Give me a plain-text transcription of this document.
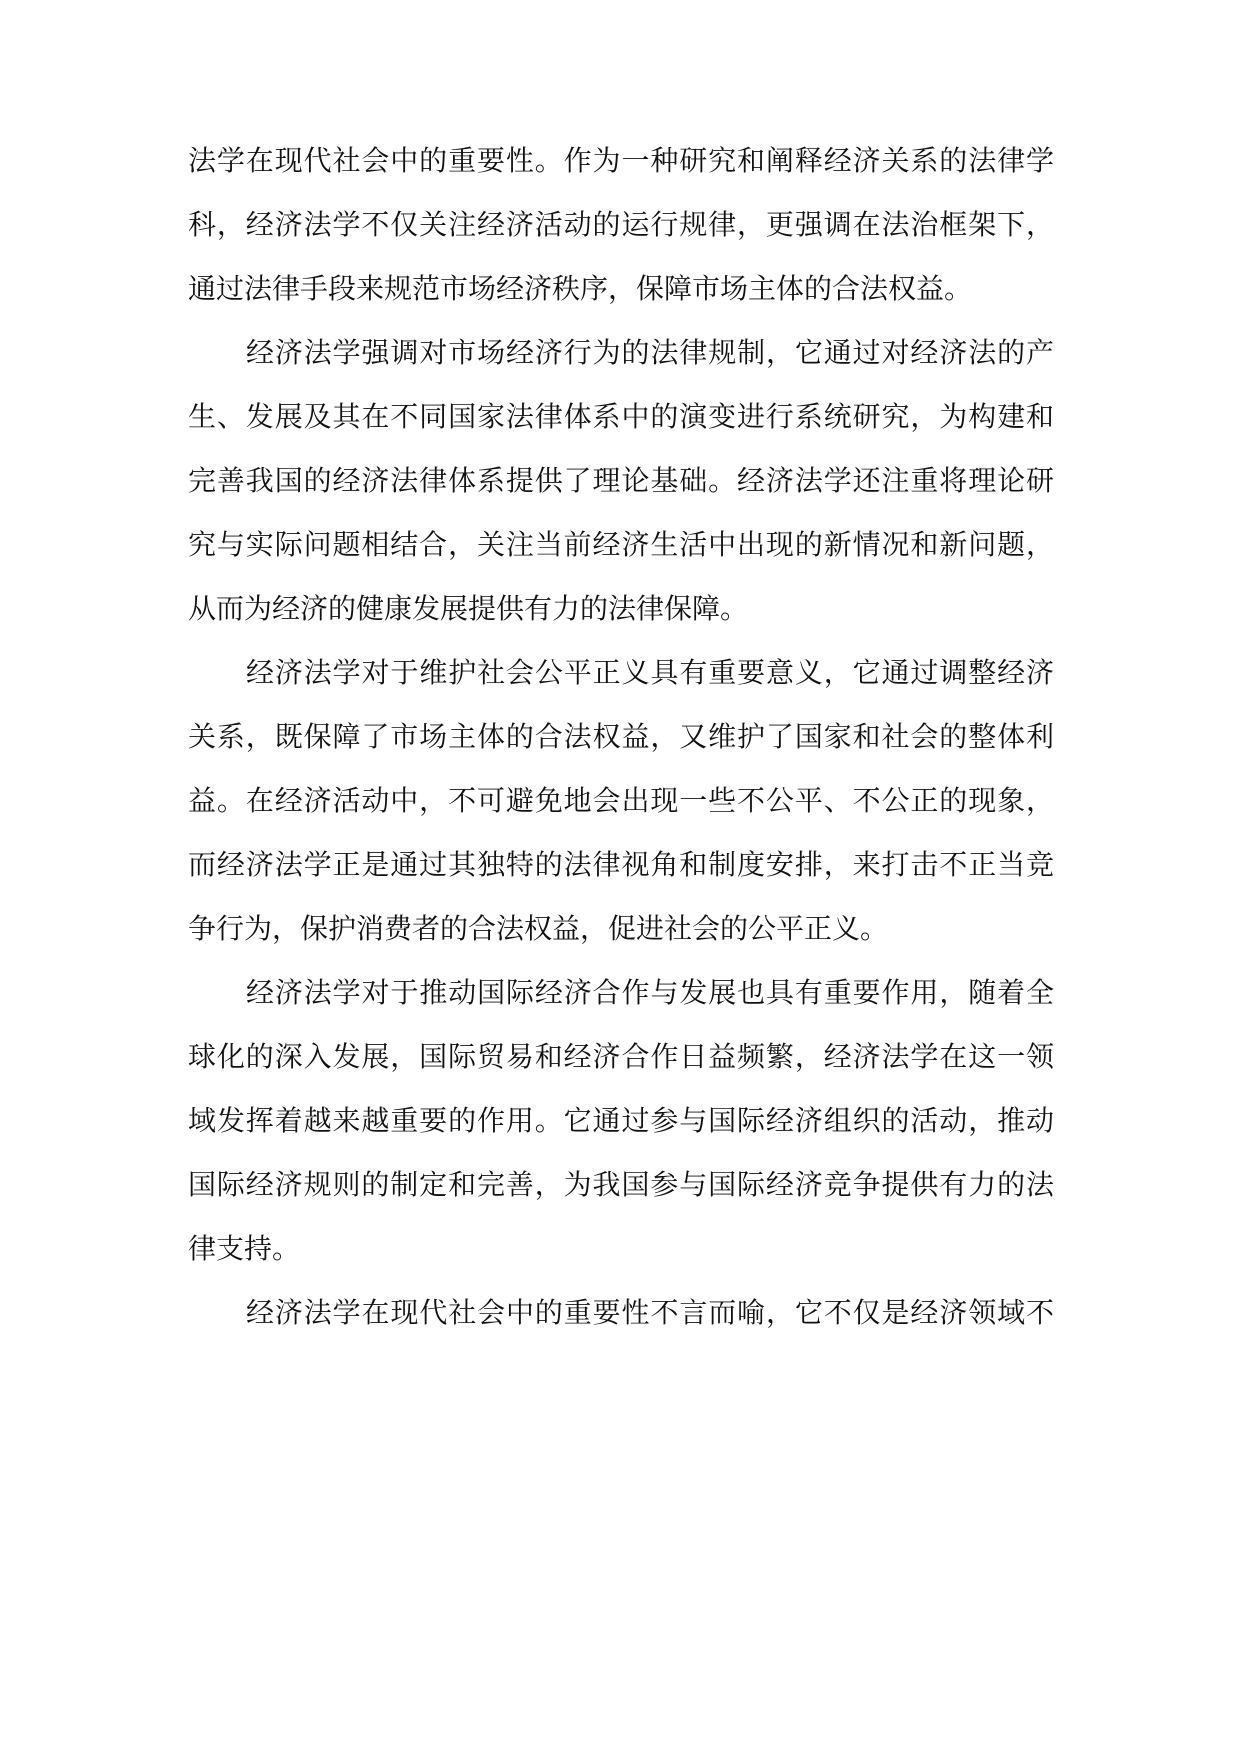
法学在现代社会中的重要性。作为一种研究和阐释经济关系的法律学
科，经济法学不仅关注经济活动的运行规律，更强调在法治框架下，
通过法律手段来规范市场经济秩序，保障市场主体的合法权益。
经济法学强调对市场经济行为的法律规制，它通过对经济法的产
生、发展及其在不同国家法律体系中的演变进行系统研究，为构建和
完善我国的经济法律体系提供了理论基础。经济法学还注重将理论研
究与实际问题相结合，关注当前经济生活中出现的新情况和新问题，
从而为经济的健康发展提供有力的法律保障。
经济法学对于维护社会公平正义具有重要意义，它通过调整经济
关系，既保障了市场主体的合法权益，又维护了国家和社会的整体利
益。在经济活动中，不可避免地会出现一些不公平、不公正的现象，
而经济法学正是通过其独特的法律视角和制度安排，来打击不正当竞
争行为，保护消费者的合法权益，促进社会的公平正义。
经济法学对于推动国际经济合作与发展也具有重要作用，随着全
球化的深入发展，国际贸易和经济合作日益频繁，经济法学在这一领
域发挥着越来越重要的作用。它通过参与国际经济组织的活动，推动
国际经济规则的制定和完善，为我国参与国际经济竞争提供有力的法
律支持。
经济法学在现代社会中的重要性不言而喻，它不仅是经济领域不
